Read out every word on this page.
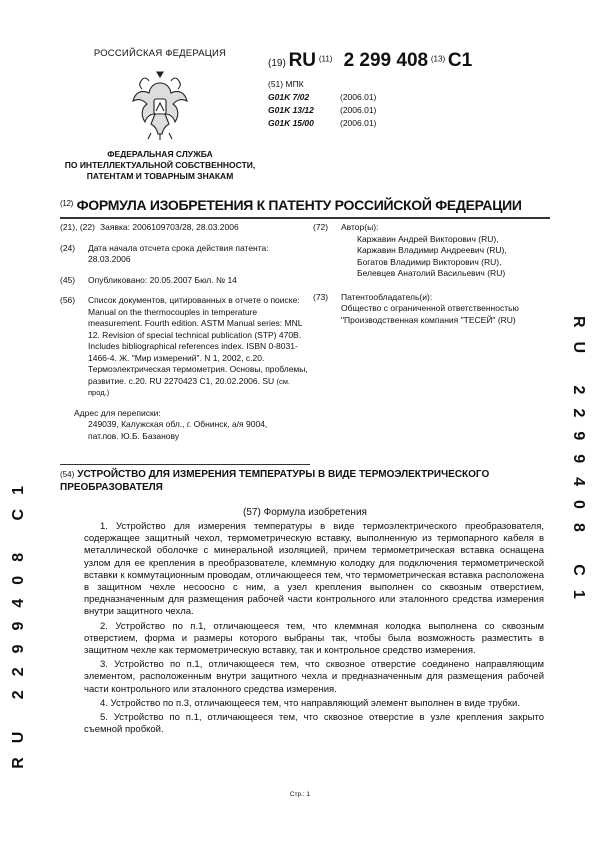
РОССИЙСКАЯ ФЕДЕРАЦИЯ
ФЕДЕРАЛЬНАЯ СЛУЖБА
ПО ИНТЕЛЛЕКТУАЛЬНОЙ СОБСТВЕННОСТИ,
ПАТЕНТАМ И ТОВАРНЫМ ЗНАКАМ
(19) RU $^{(11)}$ 2 299 408 $^{(13)}$ C1
(51) МПК
G01K 7/02	(2006.01)
G01K 13/12	(2006.01)
G01K 15/00	(2006.01)
$^{(12)}$ ФОРМУЛА ИЗОБРЕТЕНИЯ К ПАТЕНТУ РОССИЙСКОЙ ФЕДЕРАЦИИ
(21), (22) Заявка: 2006109703/28, 28.03.2006
(24) Дата начала отсчета срока действия патента:
28.03.2006
(45) Опубликовано: 20.05.2007 Бюл. № 14
(56) Список документов, цитированных в отчете о поиске: Manual on the thermocouples in temperature measurement. Fourth edition. ASTM Manual series: MNL 12. Revision of special technical publication (STP) 470B. Includes bibliographical references index. ISBN 0-8031-1466-4. Ж. "Мир измерений". N 1, 2002, с.20. Термоэлектрическая термометрия. Основы, проблемы, развитие. с.20. RU 2270423 C1, 20.02.2006. SU (см. прод.)
Адрес для переписки:
249039, Калужская обл., г. Обнинск, а/я 9004,
пат.пов. Ю.Б. Базанову
(72) Автор(ы):
Каржавин Андрей Викторович (RU),
Каржавин Владимир Андреевич (RU),
Богатов Владимир Викторович (RU),
Белевцев Анатолий Васильевич (RU)
(73) Патентообладатель(и):
Общество с ограниченной ответственностью "Производственная компания "ТЕСЕЙ" (RU)	RU 2299408 C1
RU 2299408 C1	(54) УСТРОЙСТВО ДЛЯ ИЗМЕРЕНИЯ ТЕМПЕРАТУРЫ В ВИДЕ ТЕРМОЭЛЕКТРИЧЕСКОГО ПРЕОБРАЗОВАТЕЛЯ
(57) Формула изобретения

1. Устройство для измерения температуры в виде термоэлектрического преобразователя, содержащее защитный чехол, термометрическую вставку, выполненную из термопарного кабеля в металлической оболочке с минеральной изоляцией, причем термометрическая вставка оснащена узлом для ее крепления в преобразователе, клеммную колодку для подключения термометрической вставки к коммутационным проводам, отличающееся тем, что термометрическая вставка расположена в защитном чехле несоосно с ним, а узел крепления выполнен со сквозным отверстием, предназначенным для размещения рабочей части контрольного или эталонного средства измерения внутри защитного чехла.

2. Устройство по п.1, отличающееся тем, что клеммная колодка выполнена со сквозным отверстием, форма и размеры которого выбраны так, чтобы была возможность разместить в защитном чехле как термометрическую вставку, так и контрольное средство измерения.

3. Устройство по п.1, отличающееся тем, что сквозное отверстие соединено направляющим элементом, расположенным внутри защитного чехла и предназначенным для размещения рабочей части контрольного или эталонного средства измерения.

4. Устройство по п.3, отличающееся тем, что направляющий элемент выполнен в виде трубки.

5. Устройство по п.1, отличающееся тем, что сквозное отверстие в узле крепления закрыто съемной пробкой.

Стр.: 1
